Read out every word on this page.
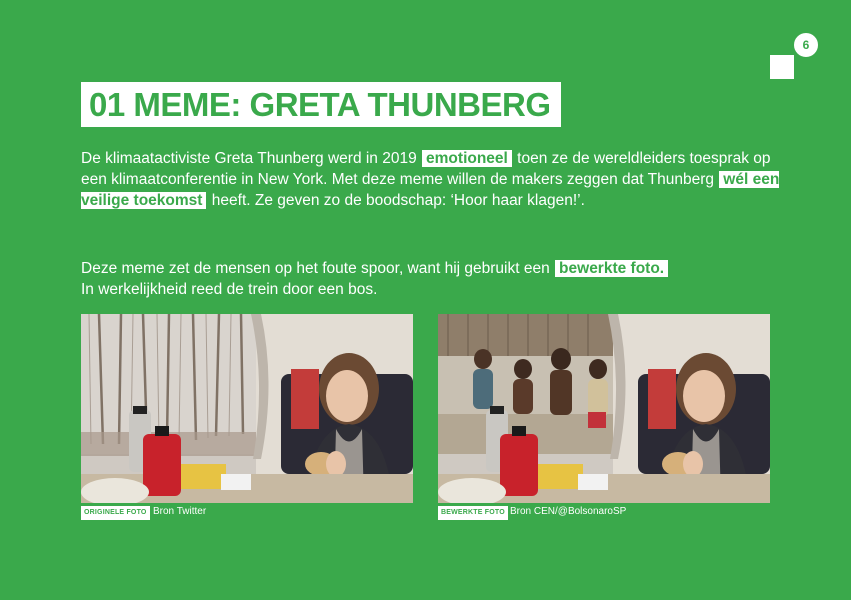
6
01 MEME: GRETA THUNBERG

De klimaatactiviste Greta Thunberg werd in 2019 emotioneel toen ze de wereldleiders toesprak op een klimaatconferentie in New York. Met deze meme willen de makers zeggen dat Thunberg wél een veilige toekomst heeft. Ze geven zo de boodschap: ‘Hoor haar klagen!’.

Deze meme zet de mensen op het foute spoor, want hij gebruikt een bewerkte foto.
In werkelijkheid reed de trein door een bos.

ORIGINELE FOTO Bron Twitter	BEWERKTE FOTO Bron CEN/@BolsonaroSP
